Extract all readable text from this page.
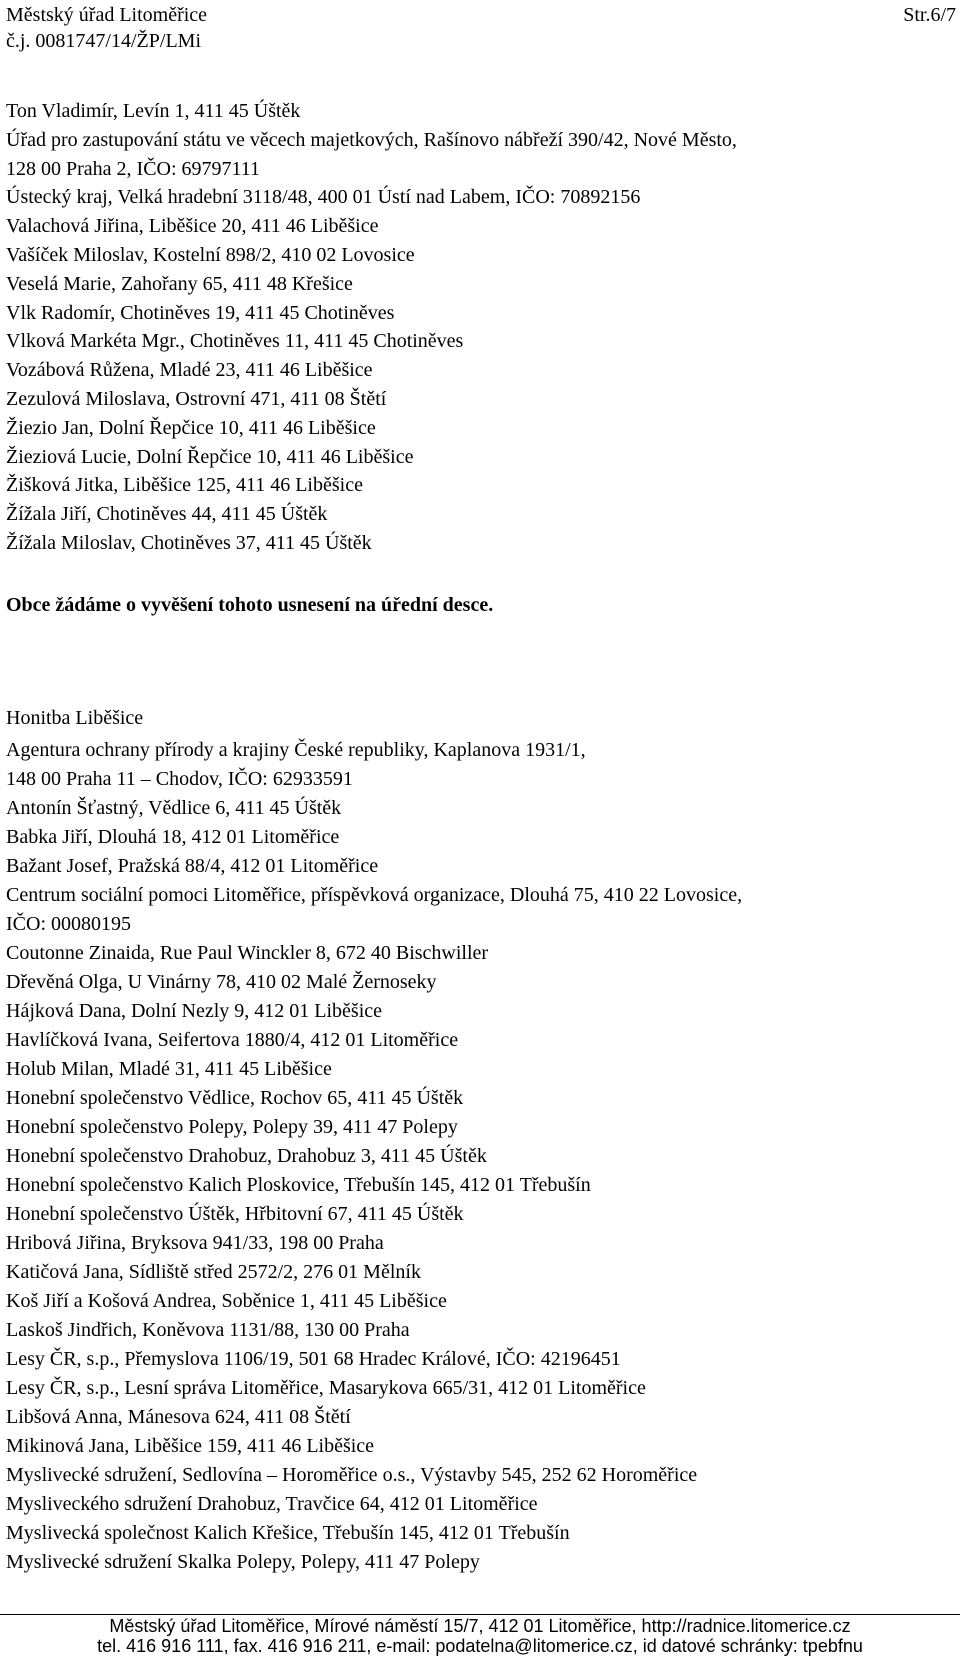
Městský úřad Litoměřice	Str.6/7
č.j. 0081747/14/ŽP/LMi
Ton Vladimír, Levín 1, 411 45 Úštěk
Úřad pro zastupování státu ve věcech majetkových, Rašínovo nábřeží 390/42, Nové Město,
128 00 Praha 2, IČO: 69797111
Ústecký kraj, Velká hradební 3118/48, 400 01 Ústí nad Labem, IČO: 70892156
Valachová Jiřina, Liběšice 20, 411 46 Liběšice
Vašíček Miloslav, Kostelní 898/2, 410 02 Lovosice
Veselá Marie, Zahořany 65, 411 48 Křešice
Vlk Radomír, Chotiněves 19, 411 45 Chotiněves
Vlková Markéta Mgr., Chotiněves 11, 411 45 Chotiněves
Vozábová Růžena, Mladé 23, 411 46 Liběšice
Zezulová Miloslava, Ostrovní 471, 411 08 Štětí
Žiezio Jan, Dolní Řepčice 10, 411 46 Liběšice
Žieziová Lucie, Dolní Řepčice 10, 411 46 Liběšice
Žišková Jitka, Liběšice 125, 411 46 Liběšice
Žížala Jiří, Chotiněves 44, 411 45 Úštěk
Žížala Miloslav, Chotiněves 37, 411 45 Úštěk
Obce žádáme o vyvěšení tohoto usnesení na úřední desce.
Honitba Liběšice
Agentura ochrany přírody a krajiny České republiky, Kaplanova 1931/1,
148 00 Praha 11 – Chodov, IČO: 62933591
Antonín Šťastný, Vědlice 6, 411 45 Úštěk
Babka Jiří, Dlouhá 18, 412 01 Litoměřice
Bažant Josef, Pražská 88/4, 412 01 Litoměřice
Centrum sociální pomoci Litoměřice, příspěvková organizace, Dlouhá 75, 410 22 Lovosice,
IČO: 00080195
Coutonne Zinaida, Rue Paul Winckler 8, 672 40 Bischwiller
Dřevěná Olga, U Vinárny 78, 410 02 Malé Žernoseky
Hájková Dana, Dolní Nezly 9, 412 01 Liběšice
Havlíčková Ivana, Seifertova 1880/4, 412 01 Litoměřice
Holub Milan, Mladé 31, 411 45 Liběšice
Honební společenstvo Vědlice, Rochov 65, 411 45 Úštěk
Honební společenstvo Polepy, Polepy 39, 411 47 Polepy
Honební společenstvo Drahobuz, Drahobuz 3, 411 45 Úštěk
Honební společenstvo Kalich Ploskovice, Třebušín 145, 412 01 Třebušín
Honební společenstvo Úštěk, Hřbitovní 67, 411 45 Úštěk
Hribová Jiřina, Bryksova 941/33, 198 00 Praha
Katičová Jana, Sídliště střed 2572/2, 276 01 Mělník
Koš Jiří a Košová Andrea, Soběnice 1, 411 45 Liběšice
Laskoš Jindřich, Koněvova 1131/88, 130 00 Praha
Lesy ČR, s.p., Přemyslova 1106/19, 501 68 Hradec Králové, IČO: 42196451
Lesy ČR, s.p., Lesní správa Litoměřice, Masarykova 665/31, 412 01 Litoměřice
Libšová Anna, Mánesova 624, 411 08 Štětí
Mikinová Jana, Liběšice 159, 411 46 Liběšice
Myslivecké sdružení, Sedlovína – Horoměřice o.s., Výstavby 545, 252 62 Horoměřice
Mysliveckého sdružení Drahobuz, Travčice 64, 412 01 Litoměřice
Myslivecká společnost Kalich Křešice, Třebušín 145, 412 01 Třebušín
Myslivecké sdružení Skalka Polepy, Polepy, 411 47 Polepy
Městský úřad Litoměřice, Mírové náměstí 15/7, 412 01 Litoměřice, http://radnice.litomerice.cz
tel. 416 916 111, fax. 416 916 211, e-mail: podatelna@litomerice.cz, id datové schránky: tpebfnu
